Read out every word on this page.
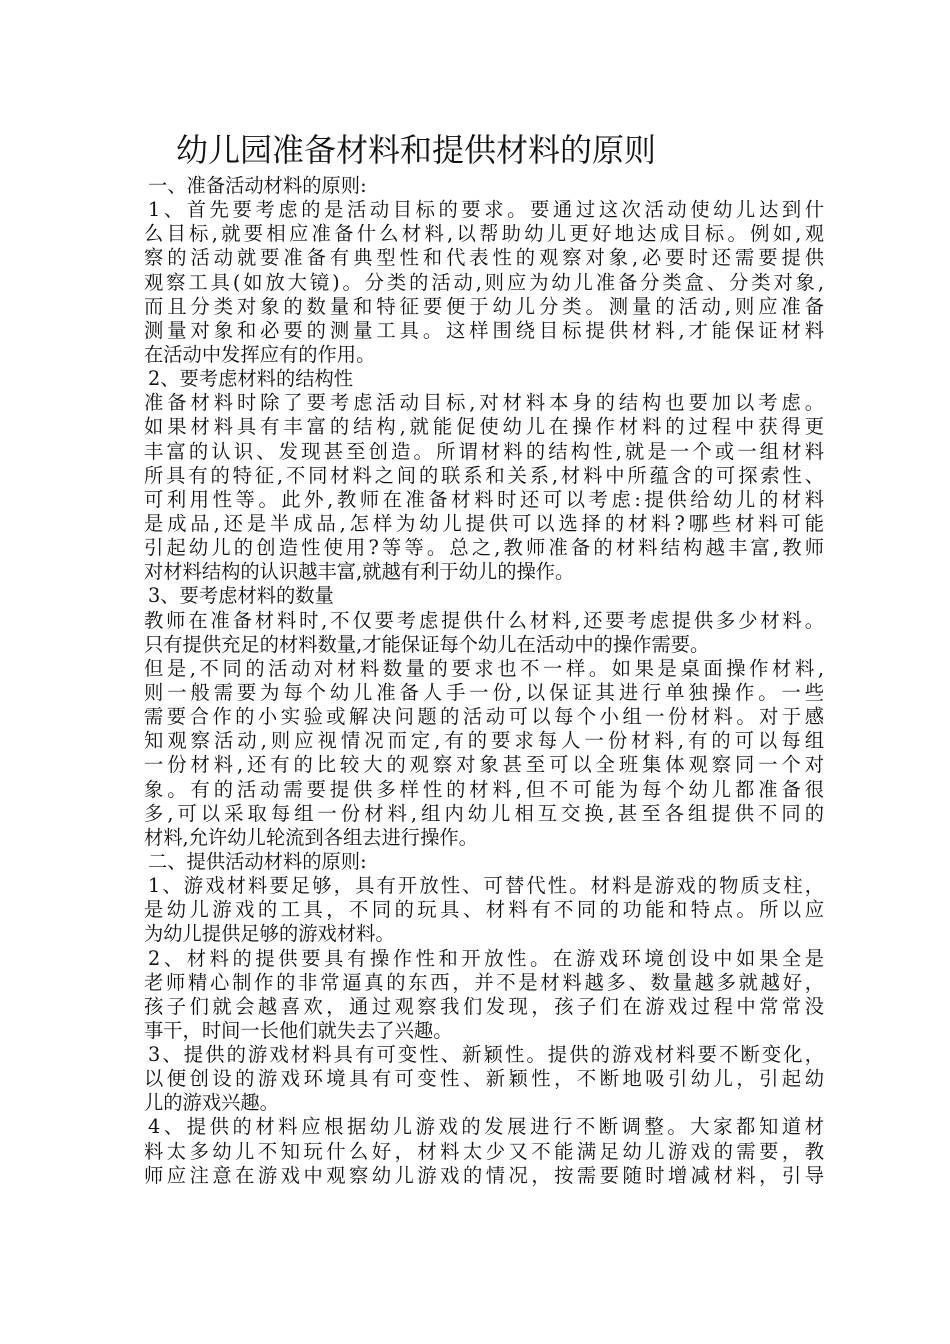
幼儿园准备材料和提供材料的原则
一、准备活动材料的原则:
1、首先要考虑的是活动目标的要求。要通过这次活动使幼儿达到什
么目标,就要相应准备什么材料,以帮助幼儿更好地达成目标。例如,观
察的活动就要准备有典型性和代表性的观察对象,必要时还需要提供
观察工具(如放大镜)。分类的活动,则应为幼儿准备分类盒、分类对象,
而且分类对象的数量和特征要便于幼儿分类。测量的活动,则应准备
测量对象和必要的测量工具。这样围绕目标提供材料,才能保证材料
在活动中发挥应有的作用。
2、要考虑材料的结构性
准备材料时除了要考虑活动目标,对材料本身的结构也要加以考虑。
如果材料具有丰富的结构,就能促使幼儿在操作材料的过程中获得更
丰富的认识、发现甚至创造。所谓材料的结构性,就是一个或一组材料
所具有的特征,不同材料之间的联系和关系,材料中所蕴含的可探索性、
可利用性等。此外,教师在准备材料时还可以考虑:提供给幼儿的材料
是成品,还是半成品,怎样为幼儿提供可以选择的材料?哪些材料可能
引起幼儿的创造性使用?等等。总之,教师准备的材料结构越丰富,教师
对材料结构的认识越丰富,就越有利于幼儿的操作。
3、要考虑材料的数量
教师在准备材料时,不仅要考虑提供什么材料,还要考虑提供多少材料。
只有提供充足的材料数量,才能保证每个幼儿在活动中的操作需要。
但是,不同的活动对材料数量的要求也不一样。如果是桌面操作材料,
则一般需要为每个幼儿准备人手一份,以保证其进行单独操作。一些
需要合作的小实验或解决问题的活动可以每个小组一份材料。对于感
知观察活动,则应视情况而定,有的要求每人一份材料,有的可以每组
一份材料,还有的比较大的观察对象甚至可以全班集体观察同一个对
象。有的活动需要提供多样性的材料,但不可能为每个幼儿都准备很
多,可以采取每组一份材料,组内幼儿相互交换,甚至各组提供不同的
材料,允许幼儿轮流到各组去进行操作。
二、提供活动材料的原则:
1、游戏材料要足够，具有开放性、可替代性。材料是游戏的物质支柱，
是幼儿游戏的工具，不同的玩具、材料有不同的功能和特点。所以应
为幼儿提供足够的游戏材料。
2、材料的提供要具有操作性和开放性。在游戏环境创设中如果全是
老师精心制作的非常逼真的东西，并不是材料越多、数量越多就越好，
孩子们就会越喜欢，通过观察我们发现，孩子们在游戏过程中常常没
事干，时间一长他们就失去了兴趣。
3、提供的游戏材料具有可变性、新颖性。提供的游戏材料要不断变化，
以便创设的游戏环境具有可变性、新颖性，不断地吸引幼儿，引起幼
儿的游戏兴趣。
4、提供的材料应根据幼儿游戏的发展进行不断调整。大家都知道材
料太多幼儿不知玩什么好，材料太少又不能满足幼儿游戏的需要，教
师应注意在游戏中观察幼儿游戏的情况，按需要随时增减材料，引导
